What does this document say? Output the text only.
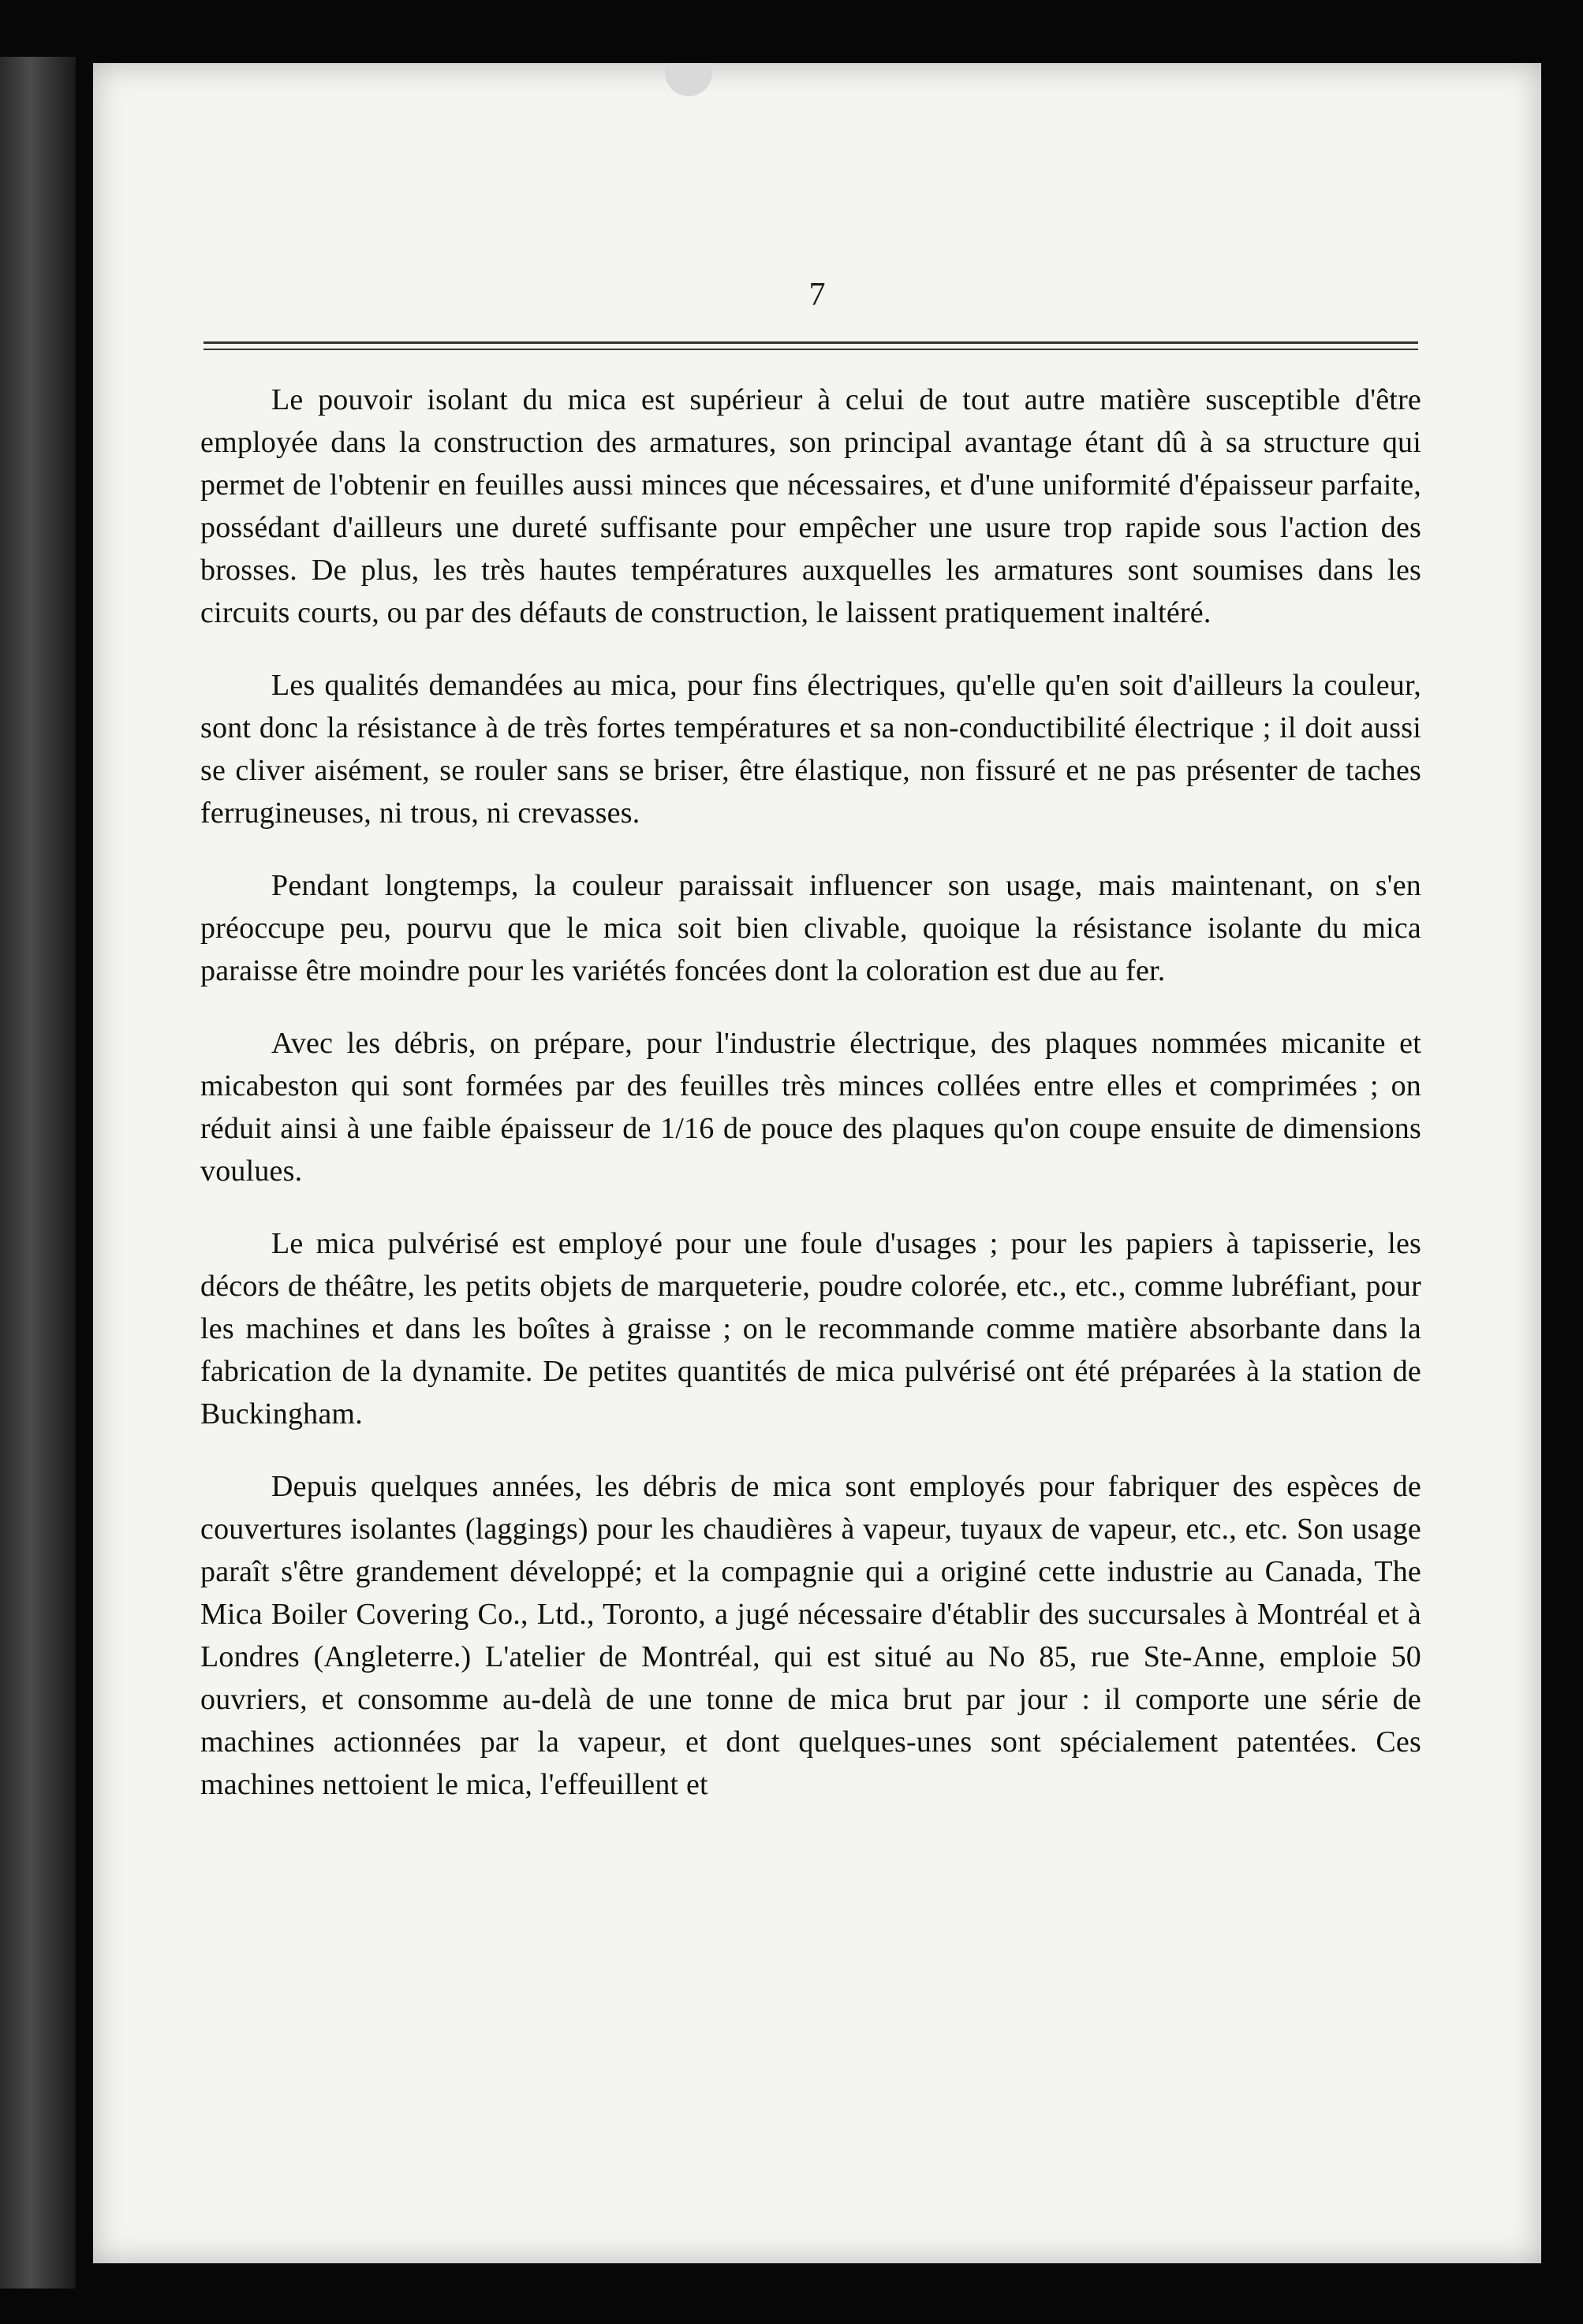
7

Le pouvoir isolant du mica est supérieur à celui de tout autre matière susceptible d'être employée dans la construction des armatures, son principal avantage étant dû à sa structure qui permet de l'obtenir en feuilles aussi minces que nécessaires, et d'une uniformité d'épaisseur parfaite, possédant d'ailleurs une dureté suffisante pour empêcher une usure trop rapide sous l'action des brosses. De plus, les très hautes températures auxquelles les armatures sont soumises dans les circuits courts, ou par des défauts de construction, le laissent pratiquement inaltéré.

Les qualités demandées au mica, pour fins électriques, qu'elle qu'en soit d'ailleurs la couleur, sont donc la résistance à de très fortes températures et sa non-conductibilité électrique ; il doit aussi se cliver aisément, se rouler sans se briser, être élastique, non fissuré et ne pas présenter de taches ferrugineuses, ni trous, ni crevasses.

Pendant longtemps, la couleur paraissait influencer son usage, mais maintenant, on s'en préoccupe peu, pourvu que le mica soit bien clivable, quoique la résistance isolante du mica paraisse être moindre pour les variétés foncées dont la coloration est due au fer.

Avec les débris, on prépare, pour l'industrie électrique, des plaques nommées micanite et micabeston qui sont formées par des feuilles très minces collées entre elles et comprimées ; on réduit ainsi à une faible épaisseur de 1/16 de pouce des plaques qu'on coupe ensuite de dimensions voulues.

Le mica pulvérisé est employé pour une foule d'usages ; pour les papiers à tapisserie, les décors de théâtre, les petits objets de marqueterie, poudre colorée, etc., etc., comme lubréfiant, pour les machines et dans les boîtes à graisse ; on le recommande comme matière absorbante dans la fabrication de la dynamite. De petites quantités de mica pulvérisé ont été préparées à la station de Buckingham.

Depuis quelques années, les débris de mica sont employés pour fabriquer des espèces de couvertures isolantes (laggings) pour les chaudières à vapeur, tuyaux de vapeur, etc., etc. Son usage paraît s'être grandement développé; et la compagnie qui a originé cette industrie au Canada, The Mica Boiler Covering Co., Ltd., Toronto, a jugé nécessaire d'établir des succursales à Montréal et à Londres (Angleterre.) L'atelier de Montréal, qui est situé au No 85, rue Ste-Anne, emploie 50 ouvriers, et consomme au-delà de une tonne de mica brut par jour : il comporte une série de machines actionnées par la vapeur, et dont quelques-unes sont spécialement patentées. Ces machines nettoient le mica, l'effeuillent et
